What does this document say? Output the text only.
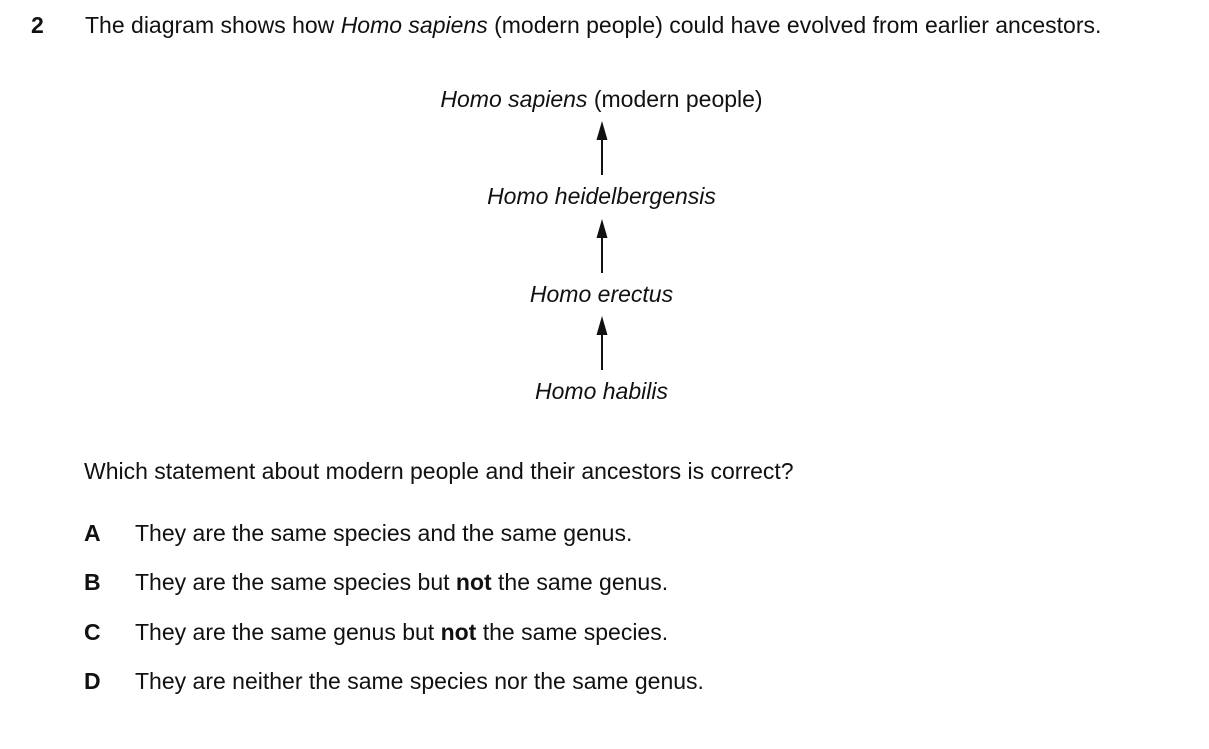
2 The diagram shows how Homo sapiens (modern people) could have evolved from earlier ancestors.
Homo sapiens (modern people)
Homo heidelbergensis
Homo erectus
Homo habilis
Which statement about modern people and their ancestors is correct?
A They are the same species and the same genus.
B They are the same species but not the same genus.
C They are the same genus but not the same species.
D They are neither the same species nor the same genus.
